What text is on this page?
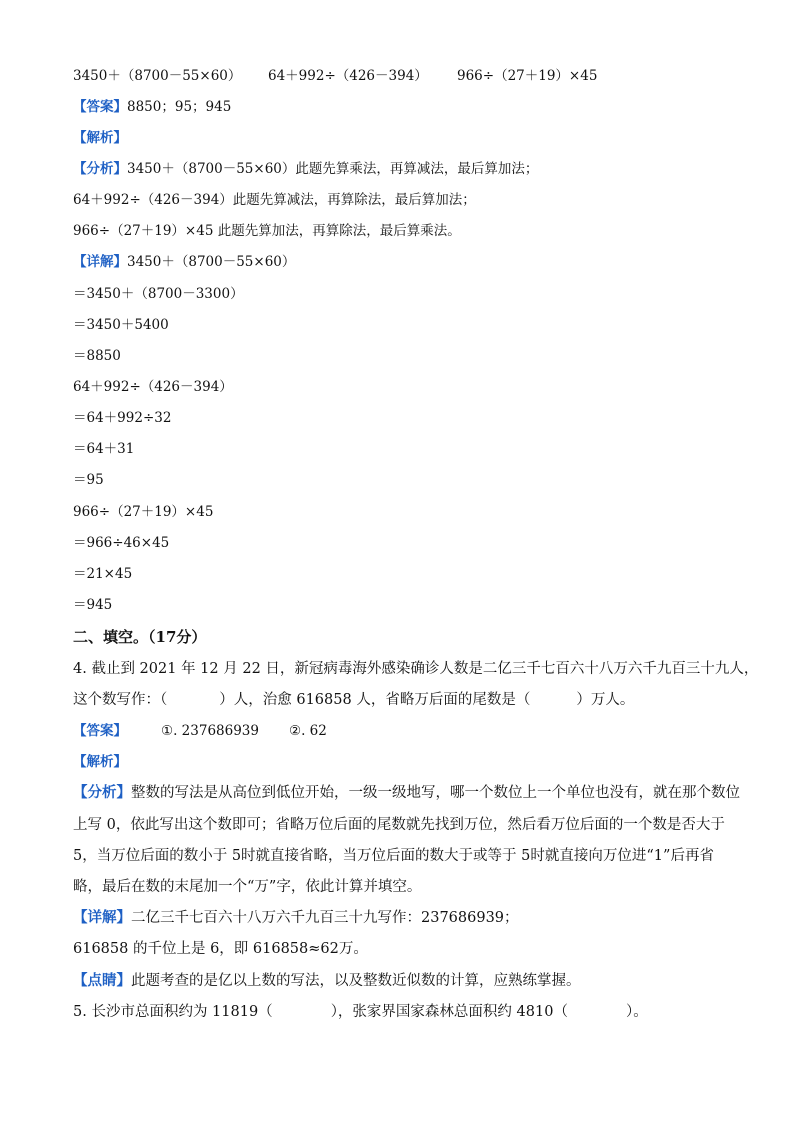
3450＋（8700－55×60） 64＋992÷（426－394） 966÷（27＋19）×45
【答案】8850；95；945
【解析】
【分析】3450＋（8700－55×60）此题先算乘法，再算减法，最后算加法；
64＋992÷（426－394）此题先算减法，再算除法，最后算加法；
966÷（27＋19）×45 此题先算加法，再算除法，最后算乘法。
【详解】3450＋（8700－55×60）
＝3450＋（8700－3300）
＝3450＋5400
＝8850
64＋992÷（426－394）
＝64＋992÷32
＝64＋31
＝95
966÷（27＋19）×45
＝966÷46×45
＝21×45
＝945
二、填空。（17分）
4. 截止到 2021 年 12 月 22 日，新冠病毒海外感染确诊人数是二亿三千七百六十八万六千九百三十九人，
这个数写作：（	）人，治愈 616858 人，省略万后面的尾数是（	）万人。
【答案】	①. 237686939 ②. 62
【解析】
【分析】整数的写法是从高位到低位开始，一级一级地写，哪一个数位上一个单位也没有，就在那个数位
上写 0，依此写出这个数即可；省略万位后面的尾数就先找到万位，然后看万位后面的一个数是否大于
5，当万位后面的数小于 5时就直接省略，当万位后面的数大于或等于 5时就直接向万位进“1”后再省
略，最后在数的末尾加一个“万”字，依此计算并填空。
【详解】二亿三千七百六十八万六千九百三十九写作：237686939；
616858 的千位上是 6，即 616858≈62万。
【点睛】此题考查的是亿以上数的写法，以及整数近似数的计算，应熟练掌握。
5. 长沙市总面积约为 11819（	），张家界国家森林总面积约 4810（	）。
